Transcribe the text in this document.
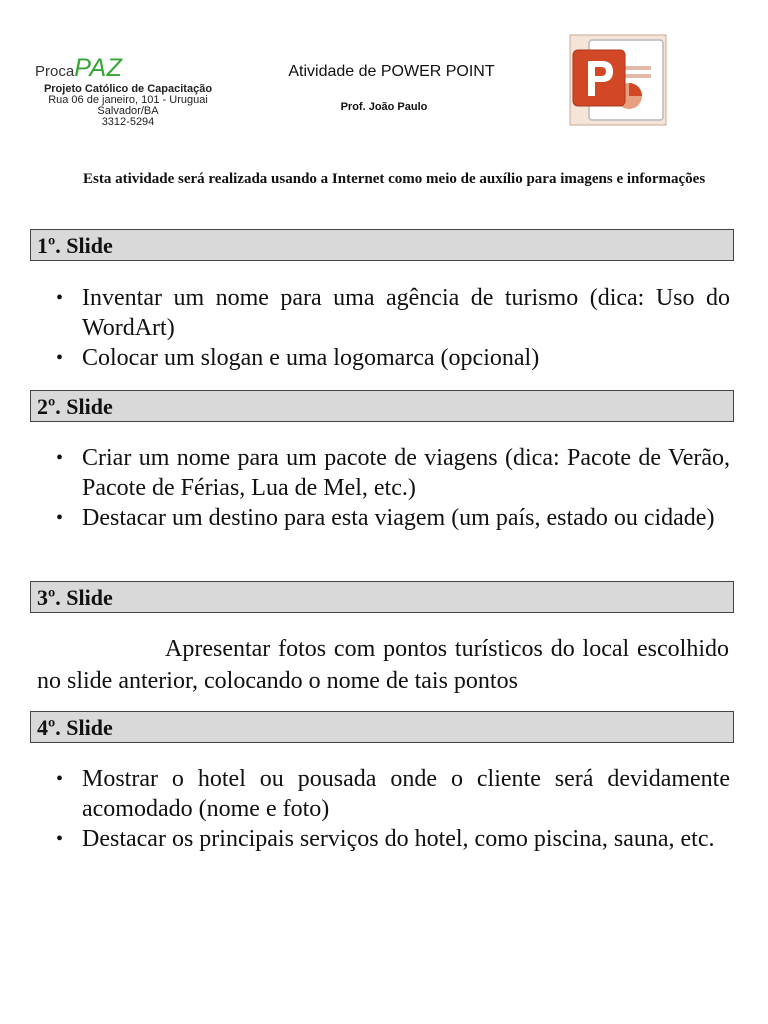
ProcaPAZ
Projeto Católico de Capacitação
Rua 06 de janeiro, 101 - Uruguai
Salvador/BA
3312-5294
Atividade de POWER POINT
Prof. João Paulo
Esta atividade será realizada usando a Internet como meio de auxílio para imagens e informações
1º. Slide
• Inventar um nome para uma agência de turismo (dica: Uso do WordArt)
• Colocar um slogan e uma logomarca (opcional)
2º. Slide
• Criar um nome para um pacote de viagens (dica: Pacote de Verão, Pacote de Férias, Lua de Mel, etc.)
• Destacar um destino para esta viagem (um país, estado ou cidade)
3º. Slide
Apresentar fotos com pontos turísticos do local escolhido no slide anterior, colocando o nome de tais pontos
4º. Slide
• Mostrar o hotel ou pousada onde o cliente será devidamente acomodado (nome e foto)
• Destacar os principais serviços do hotel, como piscina, sauna, etc.
